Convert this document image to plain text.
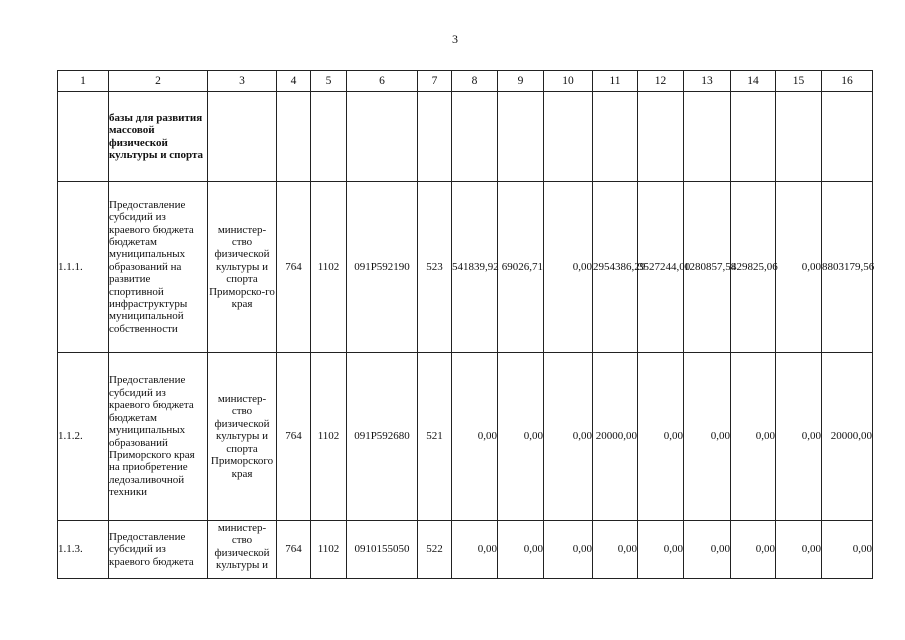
3
1	2	3	4	5	6	7	8	9	10	11	12	13	14	15	16
	базы для развития массовой физической культуры и спорта														
1.1.1.	Предоставление субсидий из краевого бюджета бюджетам муниципальных образований на развитие спортивной инфраструктуры муниципальной собственности	министер-ство физической культуры и спорта Приморско-го края	764	1102	091P592190	523	541839,92	69026,71	0,00	2954386,29	3527244,00	1280857,58	429825,06	0,00	8803179,56
1.1.2.	Предоставление субсидий из краевого бюджета бюджетам муниципальных образований Приморского края на приобретение ледозаливочной техники	министер-ство физической культуры и спорта Приморского края	764	1102	091P592680	521	0,00	0,00	0,00	20000,00	0,00	0,00	0,00	0,00	20000,00
1.1.3.	Предоставление субсидий из краевого бюджета	министер-ство физической культуры и	764	1102	0910155050	522	0,00	0,00	0,00	0,00	0,00	0,00	0,00	0,00	0,00
